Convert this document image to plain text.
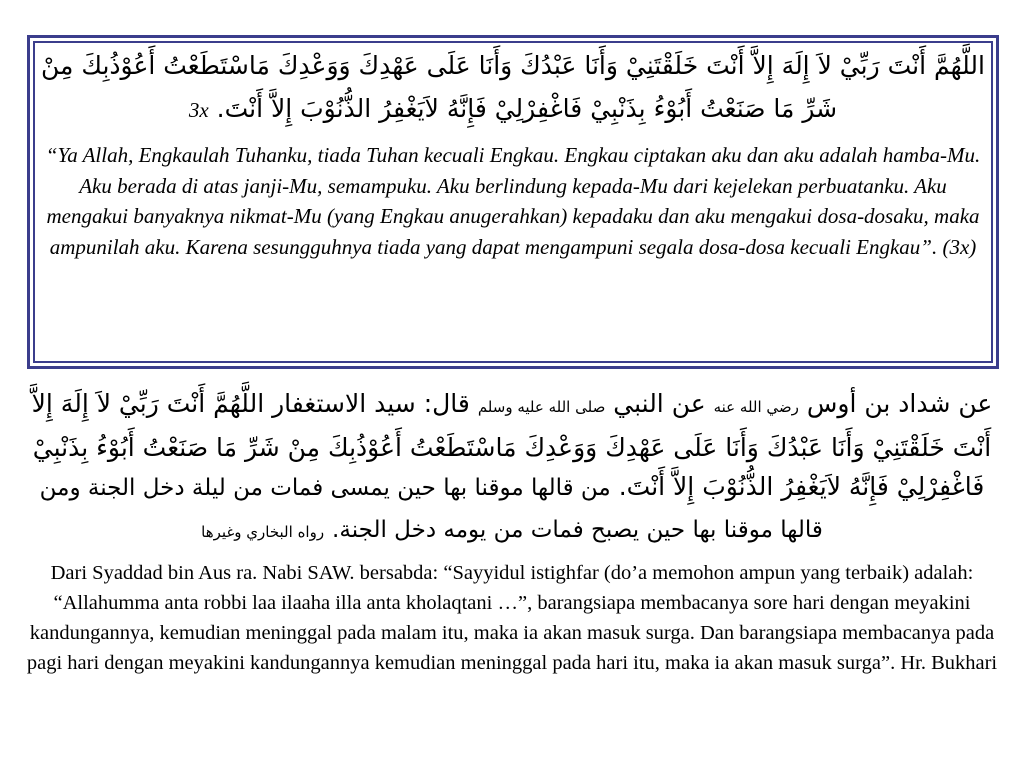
اللَّهُمَّ أَنْتَ رَبِّيْ لاَ إِلَهَ إِلاَّ أَنْتَ خَلَقْتَنِيْ وَأَنَا عَبْدُكَ وَأَنَا عَلَى عَهْدِكَ وَوَعْدِكَ مَاسْتَطَعْتُ أَعُوْذُبِكَ مِنْ شَرِّ مَا صَنَعْتُ أَبُوْءُ بِذَنْبِيْ فَاغْفِرْلِيْ فَإِنَّهُ لاَيَغْفِرُ الذُّنُوْبَ إِلاَّ أَنْتَ. 3x

“Ya Allah, Engkaulah Tuhanku, tiada Tuhan kecuali Engkau. Engkau ciptakan aku dan aku adalah hamba-Mu. Aku berada di atas janji-Mu, semampuku. Aku berlindung kepada-Mu dari kejelekan perbuatanku. Aku mengakui banyaknya nikmat-Mu (yang Engkau anugerahkan) kepadaku dan aku mengakui dosa-dosaku, maka ampunilah aku. Karena sesungguhnya tiada yang dapat mengampuni segala dosa-dosa kecuali Engkau”. (3x)

عن شداد بن أوس رضي الله عنه عن النبي صلى الله عليه وسلم قال: سيد الاستغفار اللَّهُمَّ أَنْتَ رَبِّيْ لاَ إِلَهَ إِلاَّ أَنْتَ خَلَقْتَنِيْ وَأَنَا عَبْدُكَ وَأَنَا عَلَى عَهْدِكَ وَوَعْدِكَ مَاسْتَطَعْتُ أَعُوْذُبِكَ مِنْ شَرِّ مَا صَنَعْتُ أَبُوْءُ بِذَنْبِيْ فَاغْفِرْلِيْ فَإِنَّهُ لاَيَغْفِرُ الذُّنُوْبَ إِلاَّ أَنْتَ. من قالها موقنا بها حين يمسى فمات من ليلة دخل الجنة ومن قالها موقنا بها حين يصبح فمات من يومه دخل الجنة. رواه البخاري وغيرها

Dari Syaddad bin Aus ra. Nabi SAW. bersabda: “Sayyidul istighfar (do’a memohon ampun yang terbaik) adalah: “Allahumma anta robbi laa ilaaha illa anta kholaqtani …”, barangsiapa membacanya sore hari dengan meyakini kandungannya, kemudian meninggal pada malam itu, maka ia akan masuk surga. Dan barangsiapa membacanya pada pagi hari dengan meyakini kandungannya kemudian meninggal pada hari itu, maka ia akan masuk surga”. Hr. Bukhari
